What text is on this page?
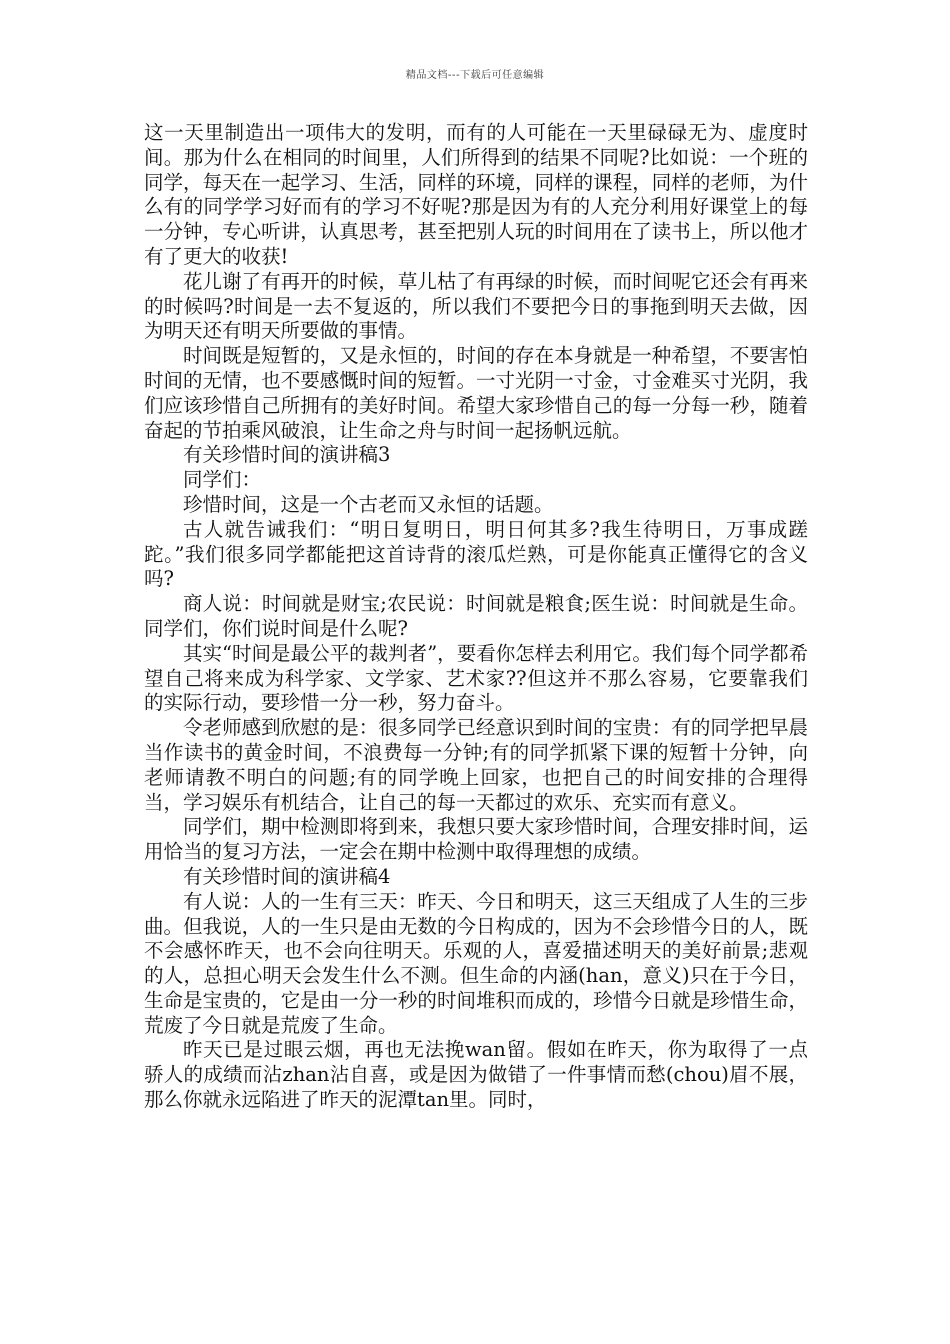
精品文档---下载后可任意编辑

这一天里制造出一项伟大的发明，而有的人可能在一天里碌碌无为、虚度时间。那为什么在相同的时间里，人们所得到的结果不同呢?比如说：一个班的同学，每天在一起学习、生活，同样的环境，同样的课程，同样的老师，为什么有的同学学习好而有的学习不好呢?那是因为有的人充分利用好课堂上的每一分钟，专心听讲，认真思考，甚至把别人玩的时间用在了读书上，所以他才有了更大的收获!

花儿谢了有再开的时候，草儿枯了有再绿的时候，而时间呢它还会有再来的时候吗?时间是一去不复返的，所以我们不要把今日的事拖到明天去做，因为明天还有明天所要做的事情。

时间既是短暂的，又是永恒的，时间的存在本身就是一种希望，不要害怕时间的无情，也不要感慨时间的短暂。一寸光阴一寸金，寸金难买寸光阴，我们应该珍惜自己所拥有的美好时间。希望大家珍惜自己的每一分每一秒，随着奋起的节拍乘风破浪，让生命之舟与时间一起扬帆远航。

有关珍惜时间的演讲稿3

同学们：

珍惜时间，这是一个古老而又永恒的话题。

古人就告诫我们：“明日复明日，明日何其多?我生待明日，万事成蹉跎。”我们很多同学都能把这首诗背的滚瓜烂熟，可是你能真正懂得它的含义吗?

商人说：时间就是财宝;农民说：时间就是粮食;医生说：时间就是生命。同学们，你们说时间是什么呢?

其实“时间是最公平的裁判者”，要看你怎样去利用它。我们每个同学都希望自己将来成为科学家、文学家、艺术家??但这并不那么容易，它要靠我们的实际行动，要珍惜一分一秒，努力奋斗。

令老师感到欣慰的是：很多同学已经意识到时间的宝贵：有的同学把早晨当作读书的黄金时间，不浪费每一分钟;有的同学抓紧下课的短暂十分钟，向老师请教不明白的问题;有的同学晚上回家，也把自己的时间安排的合理得当，学习娱乐有机结合，让自己的每一天都过的欢乐、充实而有意义。

同学们，期中检测即将到来，我想只要大家珍惜时间，合理安排时间，运用恰当的复习方法，一定会在期中检测中取得理想的成绩。

有关珍惜时间的演讲稿4

有人说：人的一生有三天：昨天、今日和明天，这三天组成了人生的三步曲。但我说，人的一生只是由无数的今日构成的，因为不会珍惜今日的人，既不会感怀昨天，也不会向往明天。乐观的人，喜爱描述明天的美好前景;悲观的人，总担心明天会发生什么不测。但生命的内涵(han，意义)只在于今日，生命是宝贵的，它是由一分一秒的时间堆积而成的，珍惜今日就是珍惜生命，荒废了今日就是荒废了生命。

昨天已是过眼云烟，再也无法挽wan留。假如在昨天，你为取得了一点骄人的成绩而沾zhan沾自喜，或是因为做错了一件事情而愁(chou)眉不展，那么你就永远陷进了昨天的泥潭tan里。同时，
